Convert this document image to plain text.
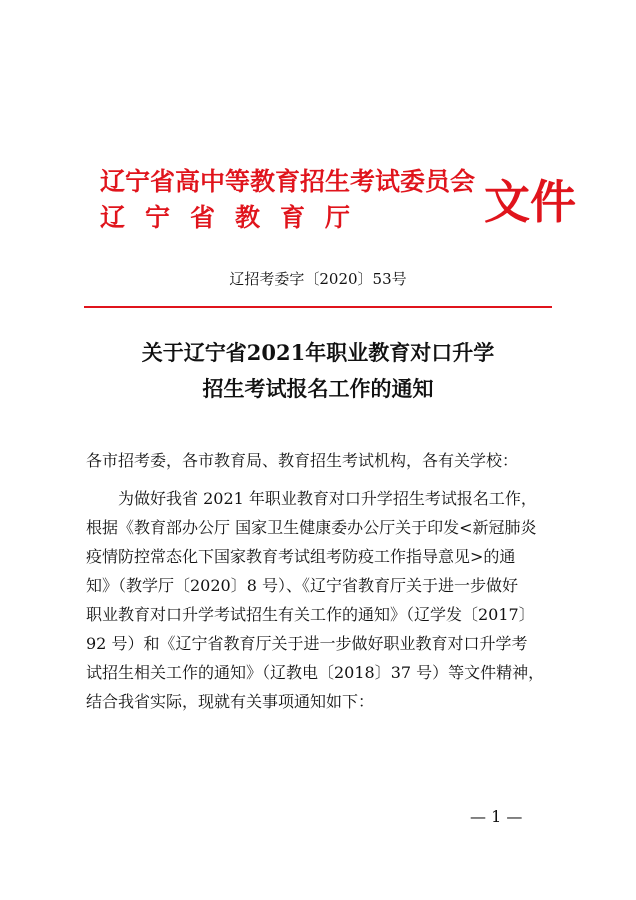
辽宁省高中等教育招生考试委员会
辽宁省教育厅 文件
辽招考委字〔2020〕53号
关于辽宁省2021年职业教育对口升学
招生考试报名工作的通知
各市招考委，各市教育局、教育招生考试机构，各有关学校：
为做好我省 2021 年职业教育对口升学招生考试报名工作，
根据《教育部办公厅 国家卫生健康委办公厅关于印发<新冠肺炎
疫情防控常态化下国家教育考试组考防疫工作指导意见>的通
知》（教学厅〔2020〕8 号）、《辽宁省教育厅关于进一步做好
职业教育对口升学考试招生有关工作的通知》（辽学发〔2017〕
92 号）和《辽宁省教育厅关于进一步做好职业教育对口升学考
试招生相关工作的通知》（辽教电〔2018〕37 号）等文件精神，
结合我省实际，现就有关事项通知如下：
— 1 —
